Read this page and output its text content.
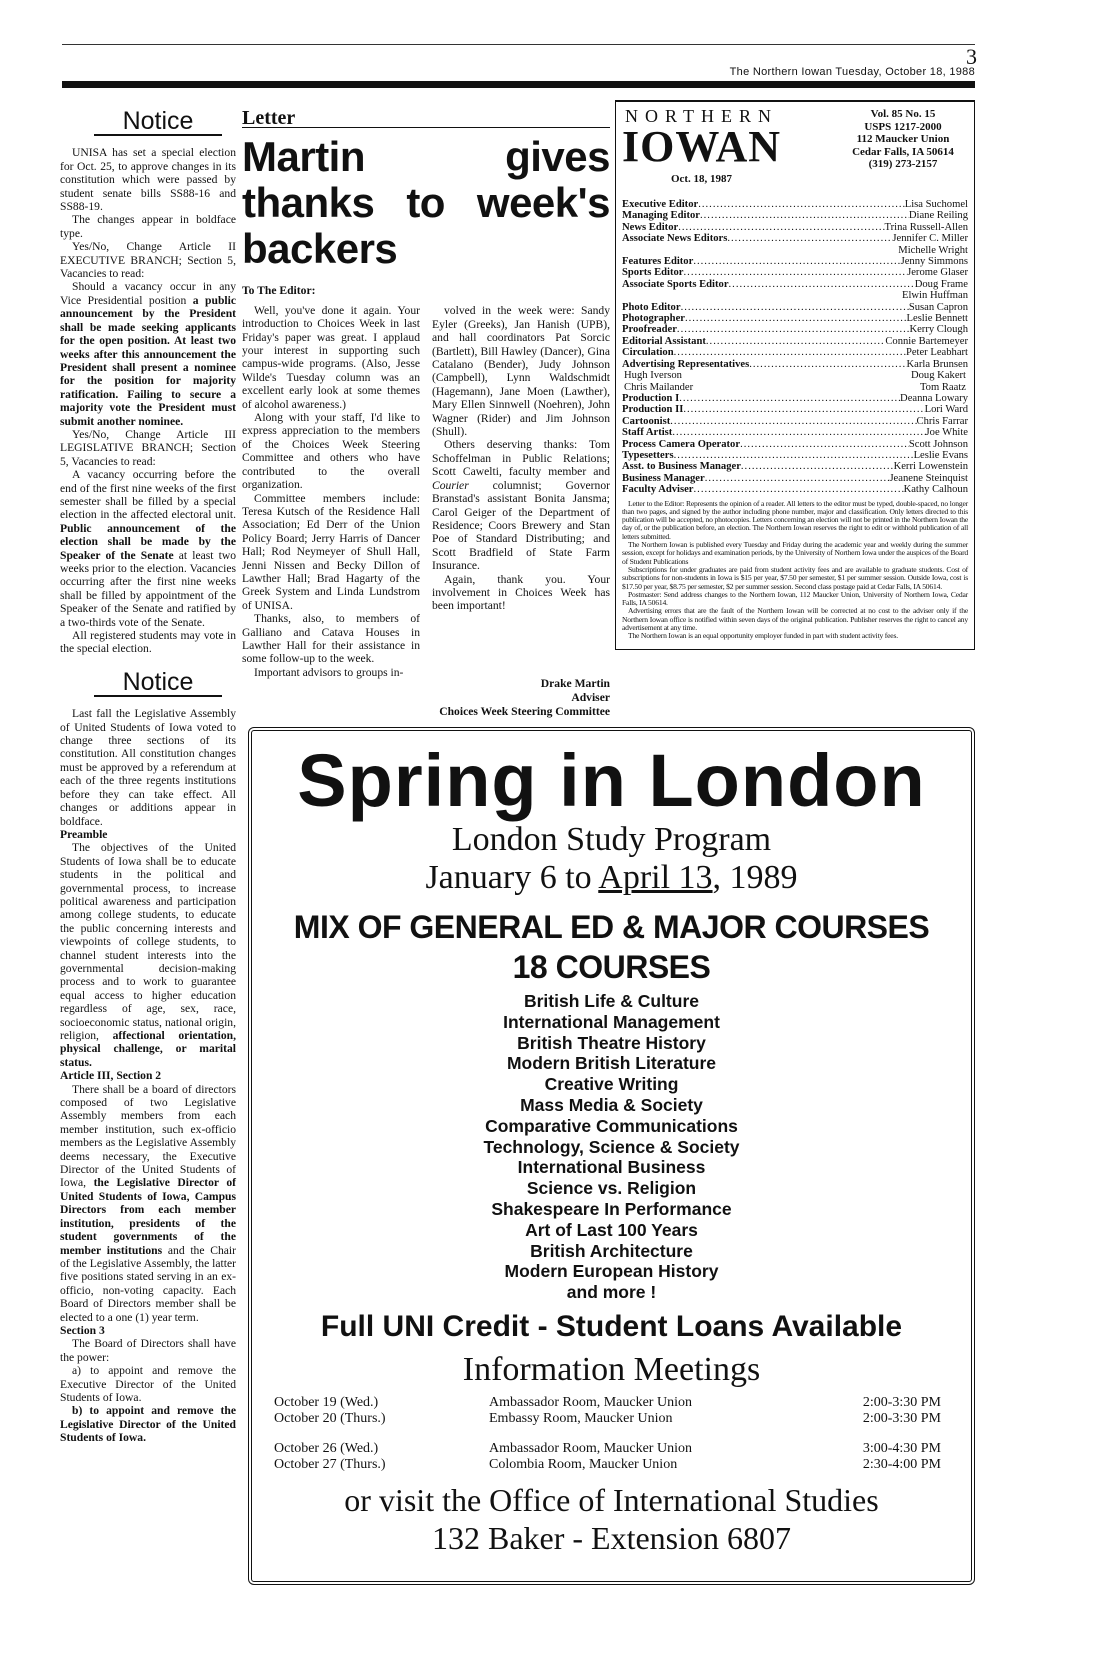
3
The Northern Iowan Tuesday, October 18, 1988
Notice

UNISA has set a special election for Oct. 25, to approve changes in its constitution which were passed by student senate bills SS88-16 and SS88-19.

The changes appear in boldface type.

Yes/No, Change Article II EXECUTIVE BRANCH; Section 5, Vacancies to read:

Should a vacancy occur in any Vice Presidential position a public announcement by the President shall be made seeking applicants for the open position. At least two weeks after this announcement the President shall present a nominee for the position for majority ratification. Failing to secure a majority vote the President must submit another nominee.

Yes/No, Change Article III LEGISLATIVE BRANCH; Section 5, Vacancies to read:

A vacancy occurring before the end of the first nine weeks of the first semester shall be filled by a special election in the affected electoral unit. Public announcement of the election shall be made by the Speaker of the Senate at least two weeks prior to the election. Vacancies occurring after the first nine weeks shall be filled by appointment of the Speaker of the Senate and ratified by a two-thirds vote of the Senate.

All registered students may vote in the special election.

Notice

Last fall the Legislative Assembly of United Students of Iowa voted to change three sections of its constitution. All constitution changes must be approved by a referendum at each of the three regents institutions before they can take effect. All changes or additions appear in boldface.

Preamble

The objectives of the United Students of Iowa shall be to educate students in the political and governmental process, to increase political awareness and participation among college students, to educate the public concerning interests and viewpoints of college students, to channel student interests into the governmental decision-making process and to work to guarantee equal access to higher education regardless of age, sex, race, socioeconomic status, national origin, religion, affectional orientation, physical challenge, or marital status.

Article III, Section 2

There shall be a board of directors composed of two Legislative Assembly members from each member institution, such ex-officio members as the Legislative Assembly deems necessary, the Executive Director of the United Students of Iowa, the Legislative Director of United Students of Iowa, Campus Directors from each member institution, presidents of the student governments of the member institutions and the Chair of the Legislative Assembly, the latter five positions stated serving in an ex-officio, non-voting capacity. Each Board of Directors member shall be elected to a one (1) year term.

Section 3

The Board of Directors shall have the power:

a) to appoint and remove the Executive Director of the United Students of Iowa.

b) to appoint and remove the Legislative Director of the United Students of Iowa.

Letter
Martin gives thanks to week's backers

To The Editor:

Well, you've done it again. Your introduction to Choices Week in last Friday's paper was great. I applaud your interest in supporting such campus-wide programs. (Also, Jesse Wilde's Tuesday column was an excellent early look at some themes of alcohol awareness.)

Along with your staff, I'd like to express appreciation to the members of the Choices Week Steering Committee and others who have contributed to the overall organization.

Committee members include: Teresa Kutsch of the Residence Hall Association; Ed Derr of the Union Policy Board; Jerry Harris of Dancer Hall; Rod Neymeyer of Shull Hall, Jenni Nissen and Becky Dillon of Lawther Hall; Brad Hagarty of the Greek System and Linda Lundstrom of UNISA.

Thanks, also, to members of Galliano and Catava Houses in Lawther Hall for their assistance in some follow-up to the week.

Important advisors to groups in-

volved in the week were: Sandy Eyler (Greeks), Jan Hanish (UPB), and hall coordinators Pat Sorcic (Bartlett), Bill Hawley (Dancer), Gina Catalano (Bender), Judy Johnson (Campbell), Lynn Waldschmidt (Hagemann), Jane Moen (Lawther), Mary Ellen Sinnwell (Noehren), John Wagner (Rider) and Jim Johnson (Shull).

Others deserving thanks: Tom Schoffelman in Public Relations; Scott Cawelti, faculty member and Courier columnist; Governor Branstad's assistant Bonita Jansma; Carol Geiger of the Department of Residence; Coors Brewery and Stan Poe of Standard Distributing; and Scott Bradfield of State Farm Insurance.

Again, thank you. Your involvement in Choices Week has been important!

Drake Martin
Adviser
Choices Week Steering Committee
NORTHERN
IOWAN
Oct. 18, 1987
Vol. 85 No. 15
USPS 1217-2000
112 Maucker Union
Cedar Falls, IA 50614
(319) 273-2157
Executive Editor .....	Lisa Suchomel
Managing Editor .....	Diane Reiling
News Editor .....	Trina Russell-Allen
Associate News Editors .....	Jennifer C. Miller
Michelle Wright
Features Editor .....	Jenny Simmons
Sports Editor .....	Jerome Glaser
Associate Sports Editor .....	Doug Frame
Elwin Huffman
Photo Editor .....	Susan Capron
Photographer .....	Leslie Bennett
Proofreader .....	Kerry Clough
Editorial Assistant .....	Connie Bartemeyer
Circulation .....	Peter Leabhart
Advertising Representatives .....	Karla Brunsen
Hugh Iverson	Doug Kakert
Chris Mailander	Tom Raatz
Production I .....	Deanna Lowary
Production II .....	Lori Ward
Cartoonist .....	Chris Farrar
Staff Artist .....	Joe White
Process Camera Operator .....	Scott Johnson
Typesetters .....	Leslie Evans
Asst. to Business Manager .....	Kerri Lowenstein
Business Manager .....	Jeanene Steinquist
Faculty Adviser .....	Kathy Calhoun

Letter to the Editor: Represents the opinion of a reader. All letters to the editor must be typed, double-spaced, no longer than two pages, and signed by the author including phone number, major and classification. Only letters directed to this publication will be accepted, no photocopies. Letters concerning an election will not be printed in the Northern Iowan the day of, or the publication before, an election. The Northern Iowan reserves the right to edit or withhold publication of all letters submitted.

The Northern Iowan is published every Tuesday and Friday during the academic year and weekly during the summer session, except for holidays and examination periods, by the University of Northern Iowa under the auspices of the Board of Student Publications

Subscriptions for under graduates are paid from student activity fees and are available to graduate students. Cost of subscriptions for non-students in Iowa is $15 per year, $7.50 per semester, $1 per summer session. Outside Iowa, cost is $17.50 per year, $8.75 per semester, $2 per summer session. Second class postage paid at Cedar Falls, IA 50614.

Postmaster: Send address changes to the Northern Iowan, 112 Maucker Union, University of Northern Iowa, Cedar Falls, IA 50614.

Advertising errors that are the fault of the Northern Iowan will be corrected at no cost to the adviser only if the Northern Iowan office is notified within seven days of the original publication. Publisher reserves the right to cancel any advertisement at any time.

The Northern Iowan is an equal opportunity employer funded in part with student activity fees.

Spring in London
London Study Program
January 6 to April 13, 1989
MIX OF GENERAL ED & MAJOR COURSES
18 COURSES
British Life & Culture
International Management
British Theatre History
Modern British Literature
Creative Writing
Mass Media & Society
Comparative Communications
Technology, Science & Society
International Business
Science vs. Religion
Shakespeare In Performance
Art of Last 100 Years
British Architecture
Modern European History
and more !
Full UNI Credit - Student Loans Available
Information Meetings
October 19 (Wed.)	Ambassador Room, Maucker Union	2:00-3:30 PM
October 20 (Thurs.)	Embassy Room, Maucker Union	2:00-3:30 PM
October 26 (Wed.)	Ambassador Room, Maucker Union	3:00-4:30 PM
October 27 (Thurs.)	Colombia Room, Maucker Union	2:30-4:00 PM
or visit the Office of International Studies
132 Baker - Extension 6807
